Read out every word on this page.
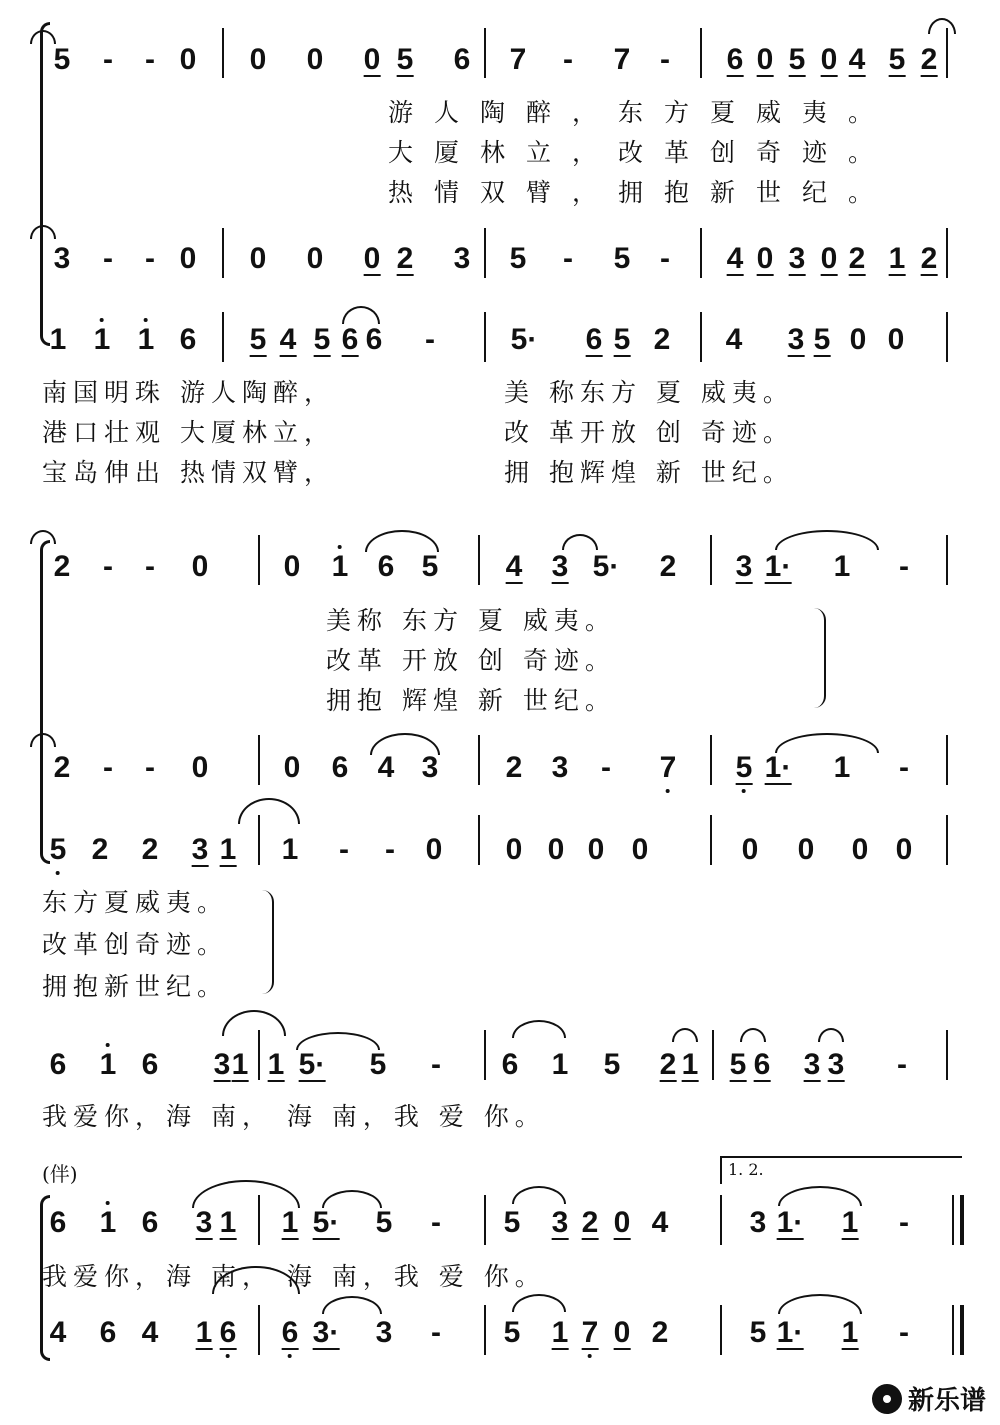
5 - - 0 0 0 0 5 6 7 - 7 - 6 0 5 0 4 5 2
游人陶醉，东方夏威夷。
大厦林立，改革创奇迹。
热情双臂，拥抱新世纪。
3 - - 0 0 0 0 2 3 5 - 5 - 4 0 3 0 2 1 2
1 1 1 6 5 4 5 6 6 -	5· 6 5 2 4 3 5 0 0
南国明珠 游人陶醉，
港口壮观 大厦林立，
宝岛伸出 热情双臂，
美 称东方 夏 威夷。
改 革开放 创 奇迹。
拥 抱辉煌 新 世纪。
2 - - 0	0 1 6 5 4 3 5· 2 3 1· 1 -
美称 东方 夏 威夷。
改革 开放 创 奇迹。
拥抱 辉煌 新 世纪。
2 - - 0	0 6 4 3 2 3 - 7 5 1· 1 -
5 2 2 3 1 1 - - 0 0 0 0 0	0 0 0 0
东方夏威夷。
改革创奇迹。
拥抱新世纪。
6 1 6 3 1 1 5· 5 - 6 1 5 2 1 5 6 3 3 -
我爱你，海 南， 海 南，我 爱 你。
(伴)	1. 2.
6 1 6 3 1 1 5· 5 - 5 3 2 0 4	3 1· 1 -
我爱你，海 南， 海 南，我 爱 你。
4 6 4 1 6 6 3· 3 - 5 1 7 0 2	5 1· 1 -
新乐谱
